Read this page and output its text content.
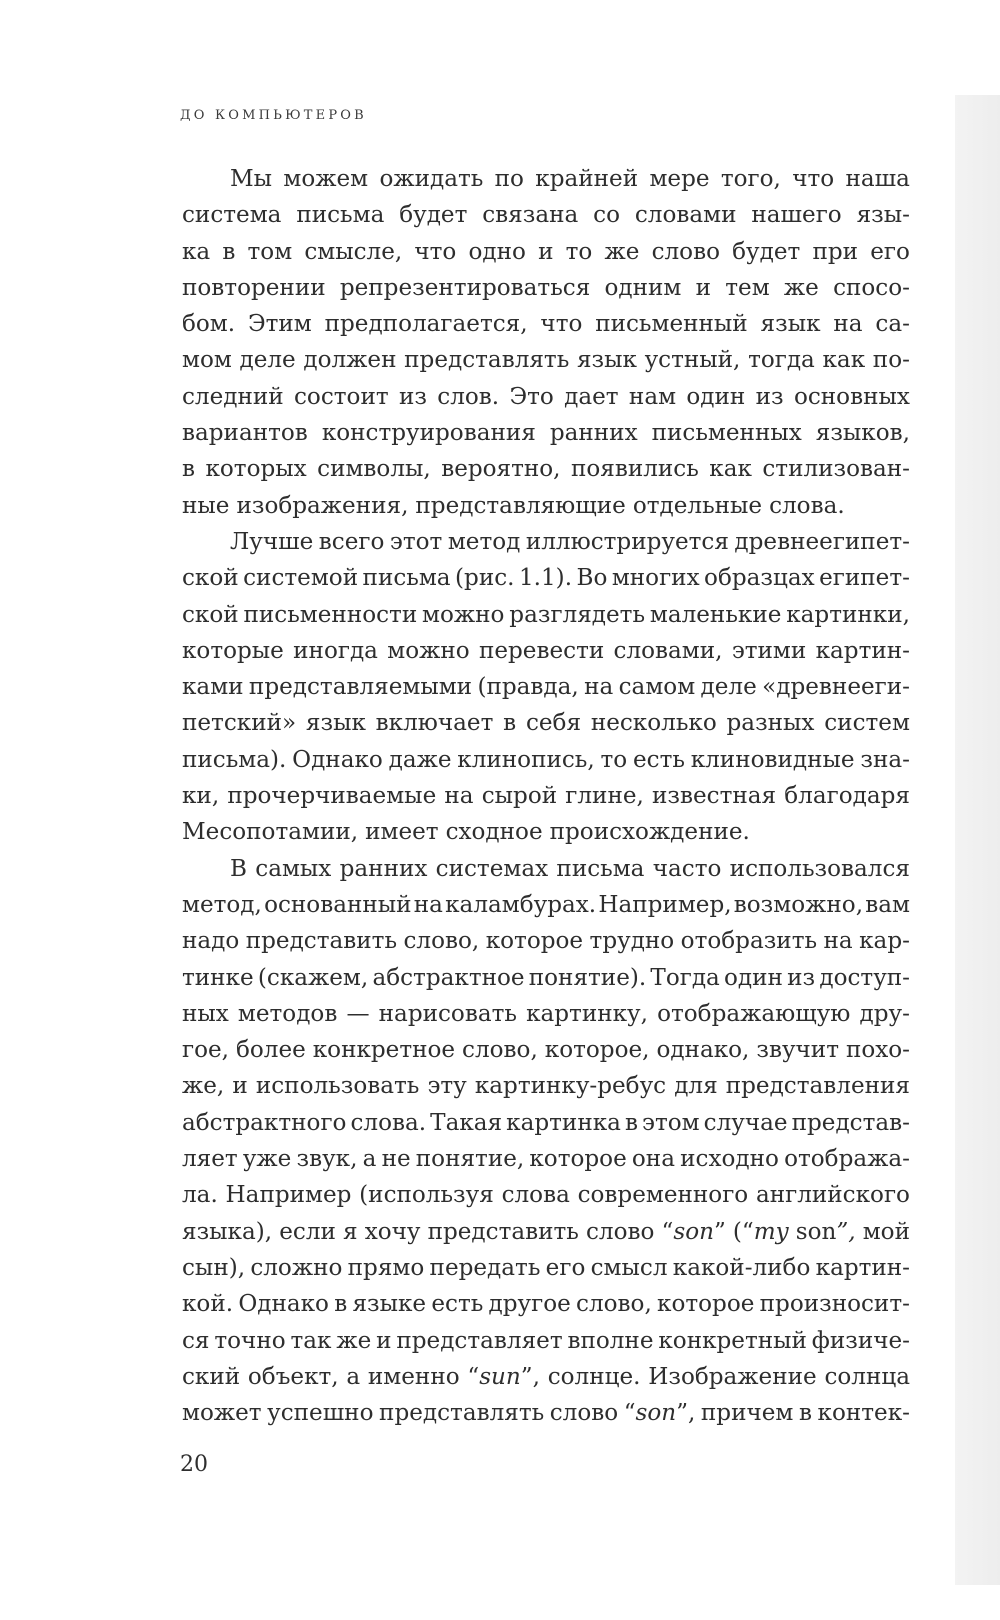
ДО КОМПЬЮТЕРОВ
Мы можем ожидать по крайней мере того, что наша
система письма будет связана со словами нашего язы-
ка в том смысле, что одно и то же слово будет при его
повторении репрезентироваться одним и тем же спосо-
бом. Этим предполагается, что письменный язык на са-
мом деле должен представлять язык устный, тогда как по-
следний состоит из слов. Это дает нам один из основных
вариантов конструирования ранних письменных языков,
в которых символы, вероятно, появились как стилизован-
ные изображения, представляющие отдельные слова.
Лучше всего этот метод иллюстрируется древнеегипет-
ской системой письма (рис. 1.1). Во многих образцах египет-
ской письменности можно разглядеть маленькие картинки,
которые иногда можно перевести словами, этими картин-
ками представляемыми (правда, на самом деле «древнееги-
петский» язык включает в себя несколько разных систем
письма). Однако даже клинопись, то есть клиновидные зна-
ки, прочерчиваемые на сырой глине, известная благодаря
Месопотамии, имеет сходное происхождение.
В самых ранних системах письма часто использовался
метод, основанный на каламбурах. Например, возможно, вам
надо представить слово, которое трудно отобразить на кар-
тинке (скажем, абстрактное понятие). Тогда один из доступ-
ных методов — нарисовать картинку, отображающую дру-
гое, более конкретное слово, которое, однако, звучит похо-
же, и использовать эту картинку-ребус для представления
абстрактного слова. Такая картинка в этом случае представ-
ляет уже звук, а не понятие, которое она исходно отобража-
ла. Например (используя слова современного английского
языка), если я хочу представить слово “son” (“my son”, мой
сын), сложно прямо передать его смысл какой-либо картин-
кой. Однако в языке есть другое слово, которое произносит-
ся точно так же и представляет вполне конкретный физиче-
ский объект, а именно “sun”, солнце. Изображение солнца
может успешно представлять слово “son”, причем в контек-
20
